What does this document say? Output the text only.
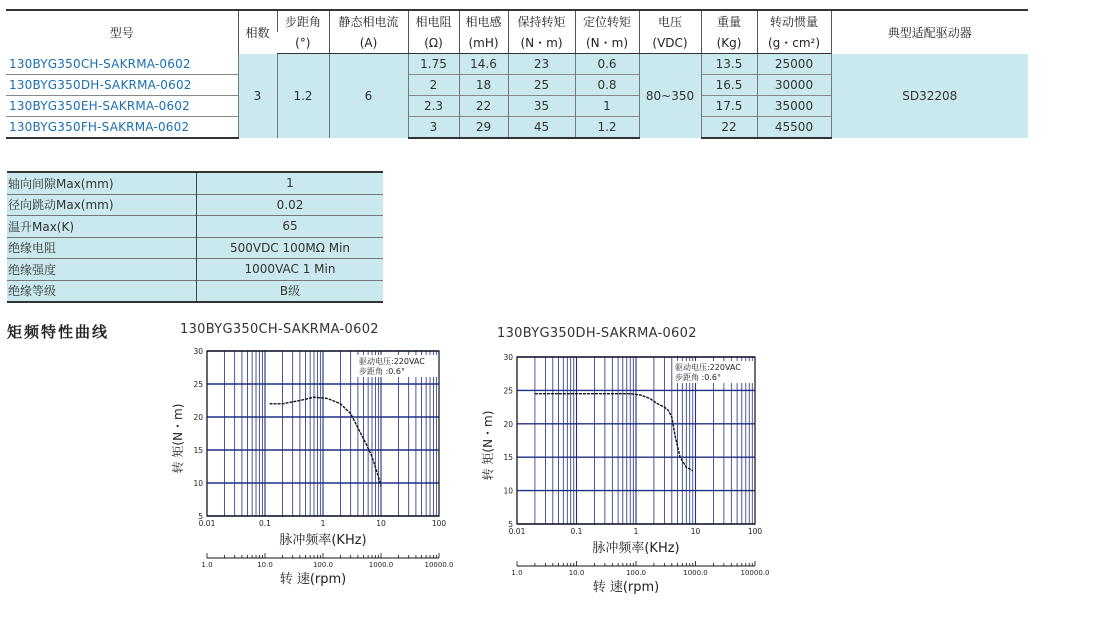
型号	相数	步距角	静态相电流	相电阻	相电感	保持转矩	定位转矩	电压	重量	转动惯量	典型适配驱动器
		(°)	(A)	(Ω)	(mH)	(N・m)	(N・m)	(VDC)	(Kg)	(g・cm²)	
130BYG350CH-SAKRMA-0602	3	1.2	6	1.75	14.6	23	0.6	80~350	13.5	25000	SD32208
130BYG350DH-SAKRMA-0602				2	18	25	0.8		16.5	30000	
130BYG350EH-SAKRMA-0602				2.3	22	35	1		17.5	35000	
130BYG350FH-SAKRMA-0602				3	29	45	1.2		22	45500	
轴向间隙Max(mm)	1
径向跳动Max(mm)	0.02
温升Max(K)	65
绝缘电阻	500VDC 100MΩ Min
绝缘强度	1000VAC 1 Min
绝缘等级	B级
矩频特性曲线	130BYG350CH-SAKRMA-0602	130BYG350DH-SAKRMA-0602
5
10
15
20
25
30
0.01	0.1	1	10	100
转 矩(N・m)
脉冲频率(KHz)
1.0	10.0	100.0	1000.0	10000.0
转 速(rpm)
驱动电压:220VAC
步距角 :0.6°
5
10
15
20
25
30
0.01	0.1	1	10	100
转 矩(N・m)
脉冲频率(KHz)
1.0	10.0	100.0	1000.0	10000.0
转 速(rpm)
驱动电压:220VAC
步距角 :0.6°
